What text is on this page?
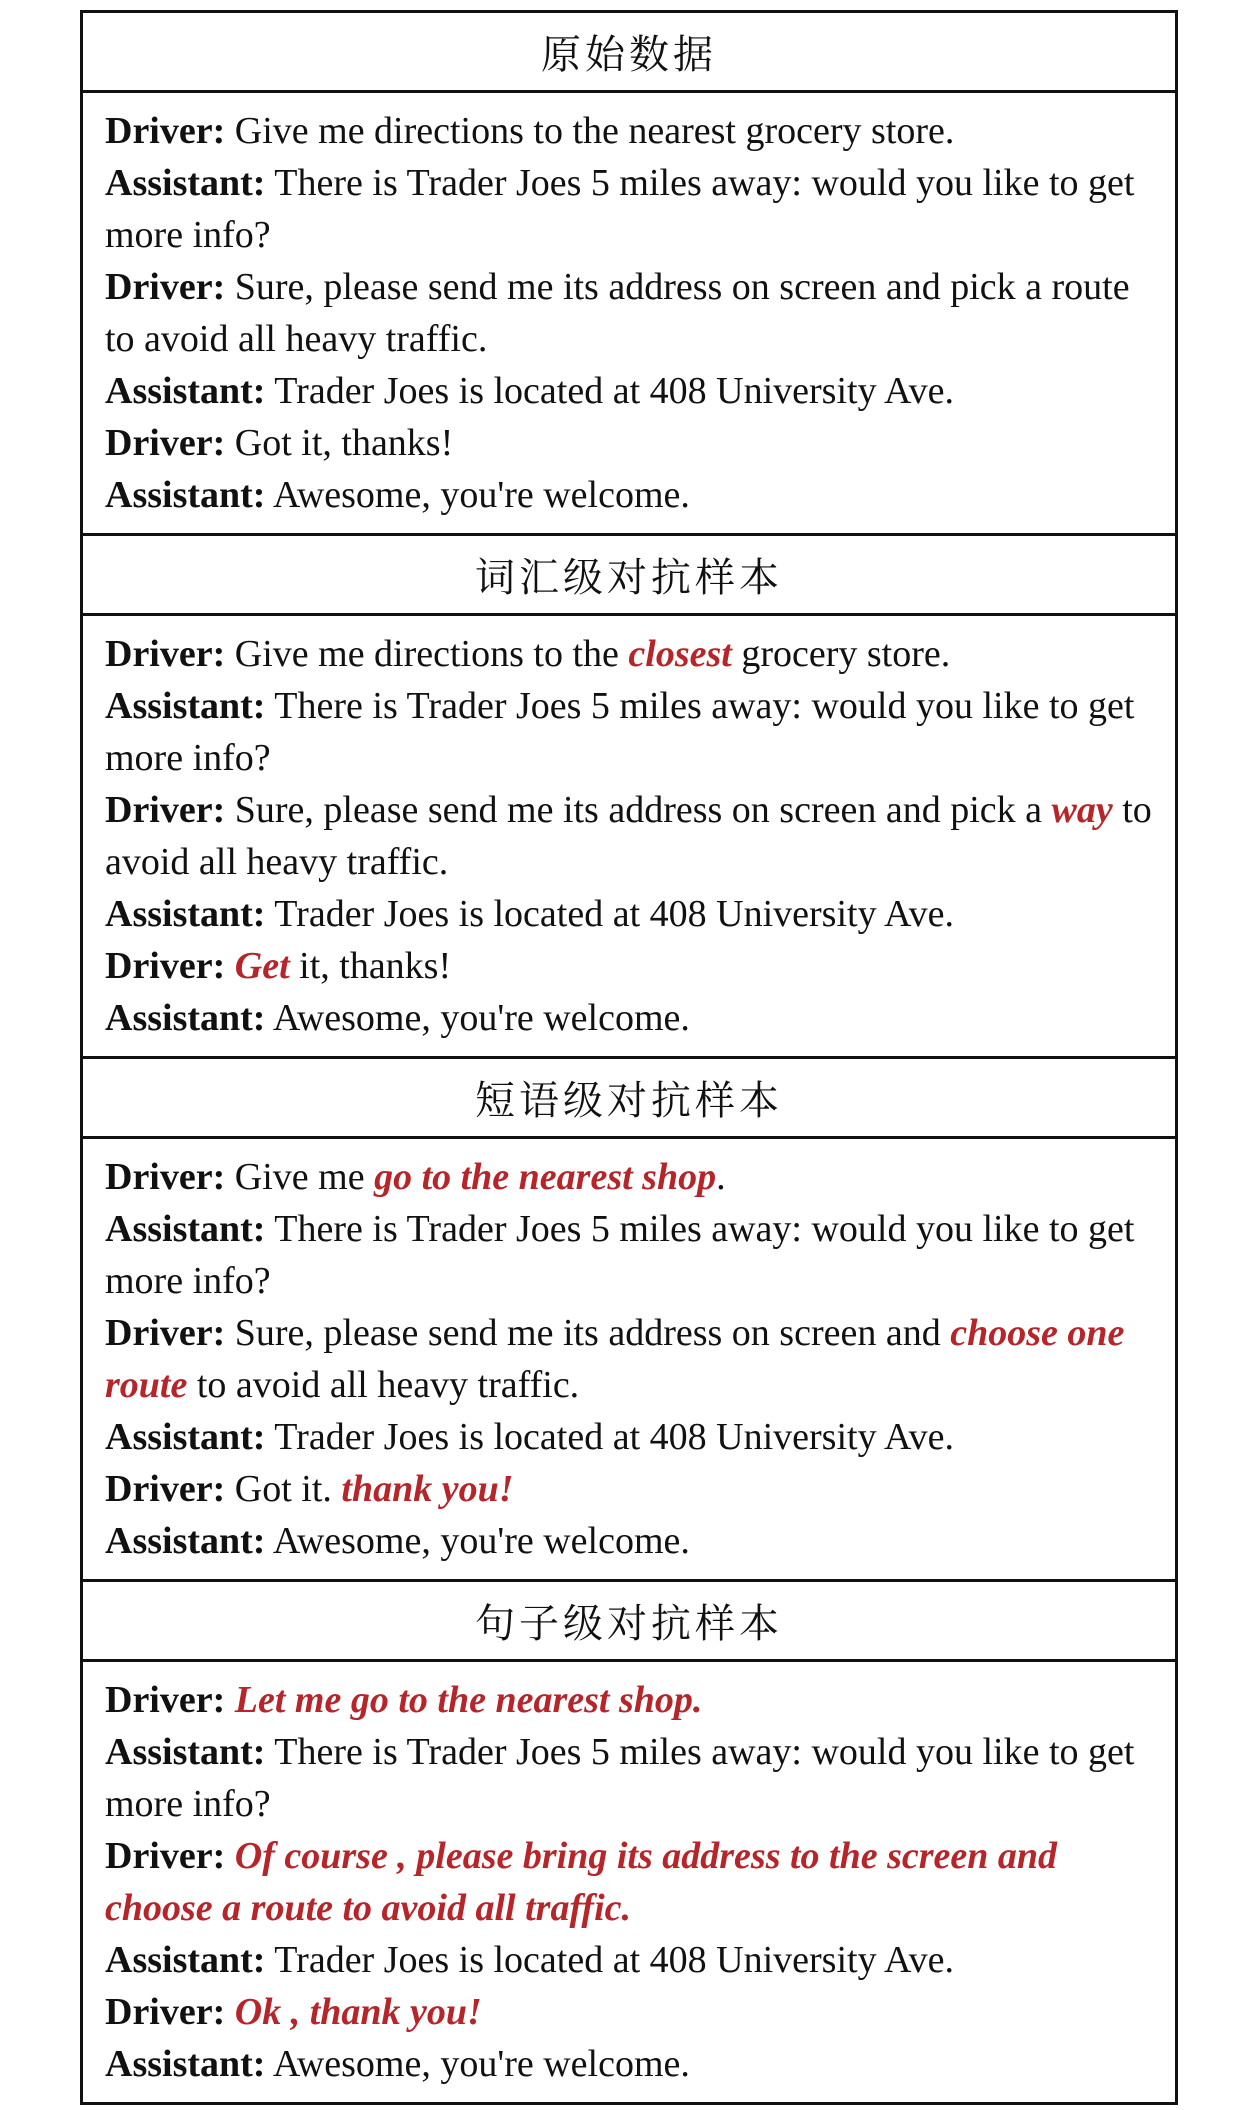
原始数据

Driver: Give me directions to the nearest grocery store.

Assistant: There is Trader Joes 5 miles away: would you like to get more info?

Driver: Sure, please send me its address on screen and pick a route to avoid all heavy traffic.

Assistant: Trader Joes is located at 408 University Ave.

Driver: Got it, thanks!

Assistant: Awesome, you're welcome.

词汇级对抗样本

Driver: Give me directions to the closest grocery store.

Assistant: There is Trader Joes 5 miles away: would you like to get more info?

Driver: Sure, please send me its address on screen and pick a way to avoid all heavy traffic.

Assistant: Trader Joes is located at 408 University Ave.

Driver: Get it, thanks!

Assistant: Awesome, you're welcome.

短语级对抗样本

Driver: Give me go to the nearest shop.

Assistant: There is Trader Joes 5 miles away: would you like to get more info?

Driver: Sure, please send me its address on screen and choose one route to avoid all heavy traffic.

Assistant: Trader Joes is located at 408 University Ave.

Driver: Got it. thank you!

Assistant: Awesome, you're welcome.

句子级对抗样本

Driver: Let me go to the nearest shop.

Assistant: There is Trader Joes 5 miles away: would you like to get more info?

Driver: Of course , please bring its address to the screen and choose a route to avoid all traffic.

Assistant: Trader Joes is located at 408 University Ave.

Driver: Ok , thank you!

Assistant: Awesome, you're welcome.
